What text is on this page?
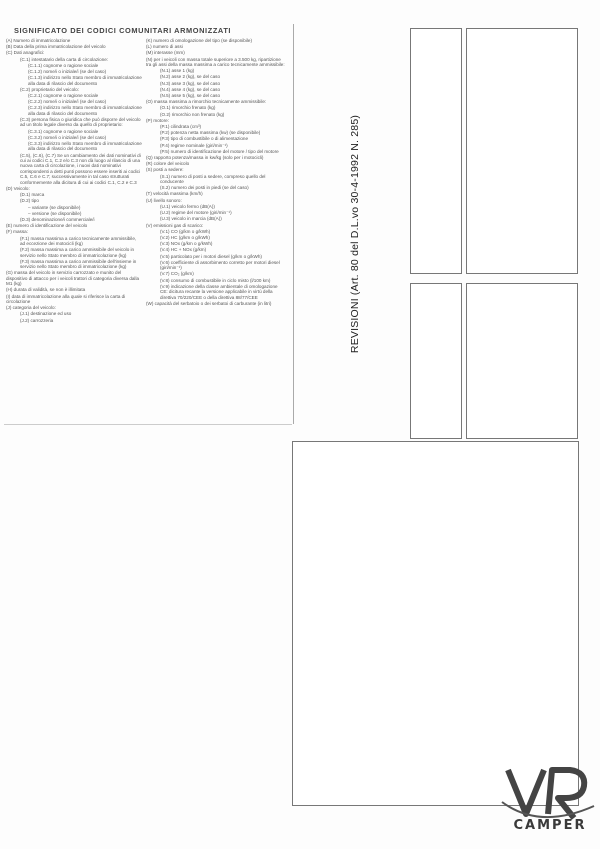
SIGNIFICATO DEI CODICI COMUNITARI ARMONIZZATI
(A) Numero di immatricolazione
(B) Data della prima immatricolazione del veicolo
(C) Dati anagrafici:
(C.1) intestatario della carta di circolazione:
(C.1.1) cognome o ragione sociale
(C.1.2) nome/i o iniziale/i (se del caso)
(C.1.3) indirizzo nello Stato membro di immatricolazione alla data di rilascio del documento
(C.2) proprietario del veicolo:
(C.2.1) cognome o ragione sociale
(C.2.2) nome/i o iniziale/i (se del caso)
(C.2.3) indirizzo nello Stato membro di immatricolazione alla data di rilascio del documento
(C.3) persona fisica o giuridica che può disporre del veicolo ad un titolo legale diverso da quello di proprietario:
(C.3.1) cognome o ragione sociale
(C.3.2) nome/i o iniziale/i (se del caso)
(C.3.3) indirizzo nello Stato membro di immatricolazione alla data di rilascio del documento
(C.5), (C.6), (C.7) Se un cambiamento dei dati nominativi di cui ai codici C.1, C.2 e/o C.3 non dà luogo al rilascio di una nuova carta di circolazione, i nuovi dati nominativi corrispondenti a detti punti possono essere inseriti ai codici C.5, C.6 e C.7; successivamente in tal caso strutturati conformemente alla dicitura di cui ai codici C.1, C.2 e C.3
(D) Veicolo:
(D.1) marca
(D.2) tipo
– variante (se disponibile)
– versione (se disponibile)
(D.3) denominazione/i commerciale/i
(E) numero di identificazione del veicolo
(F) massa:
(F.1) massa massima a carico tecnicamente ammissibile, ad eccezione dei motocicli (kg)
(F.2) massa massima a carico ammissibile del veicolo in servizio nello Stato membro di immatricolazione (kg)
(F.3) massa massima a carico ammissibile dell'insieme in servizio nello Stato membro di immatricolazione (kg)
(G) massa del veicolo in servizio carrozzato e munito del dispositivo di attacco per i veicoli trattori di categoria diversa dalla M1 (kg)
(H) durata di validità, se non è illimitata
(I) data di immatricolazione alla quale si riferisce la carta di circolazione
(J) categoria del veicolo:
(J.1) destinazione ed uso
(J.2) carrozzeria
(K) numero di omologazione del tipo (se disponibile)
(L) numero di assi
(M) interasse (mm)
(N) per i veicoli con massa totale superiore a 3.500 kg, ripartizione tra gli assi della massa massima a carico tecnicamente ammissibile:
(N.1) asse 1 (kg)
(N.2) asse 2 (kg), se del caso
(N.3) asse 3 (kg), se del caso
(N.4) asse 4 (kg), se del caso
(N.5) asse 5 (kg), se del caso
(O) massa massima a rimorchio tecnicamente ammissibile:
(O.1) rimorchio frenato (kg)
(O.2) rimorchio non frenato (kg)
(P) motore:
(P.1) cilindrata (cm³)
(P.2) potenza netta massima (kw) (se disponibile)
(P.3) tipo di combustibile o di alimentazione
(P.4) regime nominale (giri/min⁻¹)
(P.5) numero di identificazione del motore / tipo del motore
(Q) rapporto potenza/massa in kw/kg (solo per i motocicli)
(R) colore del veicolo
(S) posti a sedere:
(S.1) numero di posti a sedere, compreso quello del conducente
(S.2) numero dei posti in piedi (se del caso)
(T) velocità massima (km/h)
(U) livello sonoro:
(U.1) veicolo fermo (dB(A))
(U.2) regime del motore (giri/min⁻¹)
(U.3) veicolo in marcia (dB(A))
(V) emissioni gas di scarico:
(V.1) CO (g/km o g/kWh)
(V.2) HC (g/km o g/kWh)
(V.3) NOx (g/km o g/kWh)
(V.4) HC + NOx (g/km)
(V.5) particolato per i motori diesel (g/km o g/kWh)
(V.6) coefficiente di assorbimento corretto per motori diesel (giri/min⁻¹)
(V.7) CO₂ (g/km)
(V.8) consumo di combustibile in ciclo misto (l/100 km)
(V.9) indicazione della classe ambientale di omologazione CE: dicitura recante la versione applicabile in virtù della direttiva 70/220/CEE o della direttiva 88/77/CEE
(W) capacità del serbatoio o dei serbatoi di carburante (in litri)	REVISIONI (Art. 80 del D.L.vo 30-4-1992 N. 285)
CAMPER
